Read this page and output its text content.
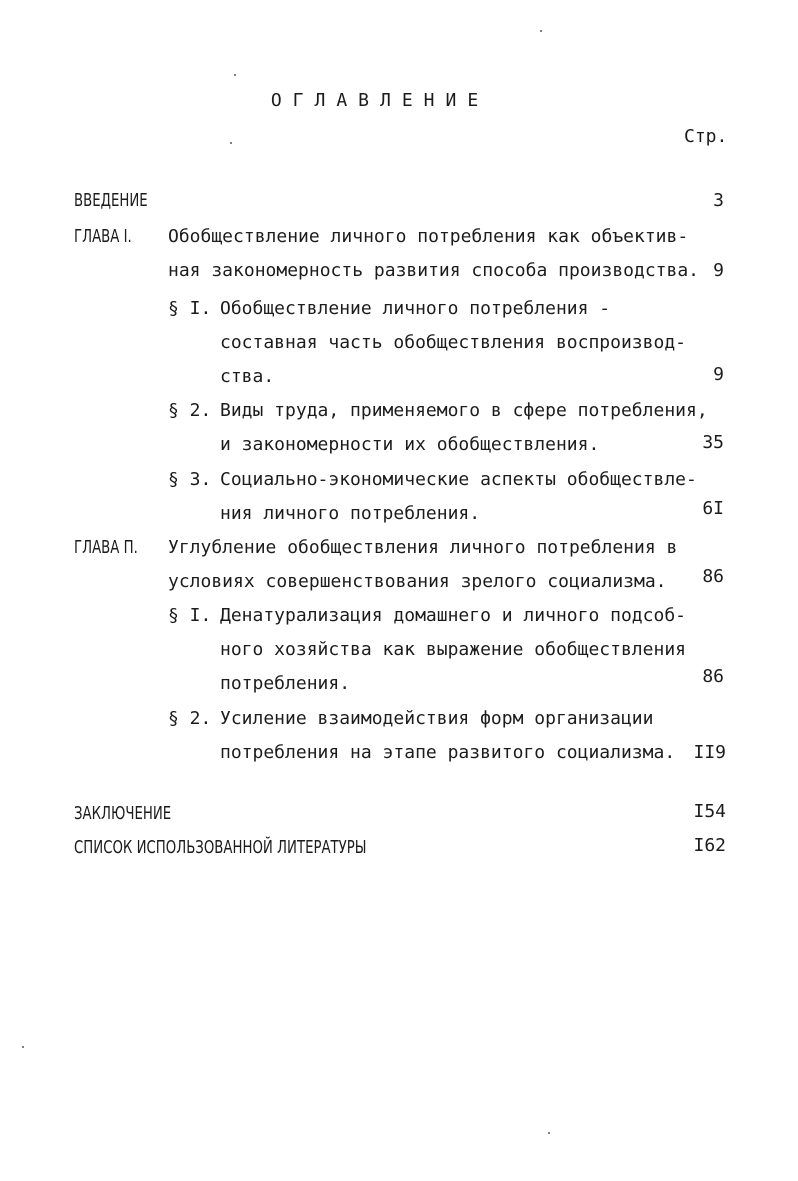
ОГЛАВЛЕНИЕ
Стр.
ВВЕДЕНИЕ	3
ГЛАВА I.	Обобществление личного потребления как объектив-
ная закономерность развития способа производства. 9
§ I. Обобществление личного потребления -
составная часть обобществления воспроизвод-
ства.	9
§ 2. Виды труда, применяемого в сфере потребления,
и закономерности их обобществления.	35
§ 3. Социально-экономические аспекты обобществле-
ния личного потребления.	6I
ГЛАВА П.	Углубление обобществления личного потребления в
условиях совершенствования зрелого социализма.	86
§ I. Денатурализация домашнего и личного подсоб-
ного хозяйства как выражение обобществления
потребления.	86
§ 2. Усиление взаимодействия форм организации
потребления на этапе развитого социализма.	II9
ЗАКЛЮЧЕНИЕ	I54
СПИСОК ИСПОЛЬЗОВАННОЙ ЛИТЕРАТУРЫ	I62
